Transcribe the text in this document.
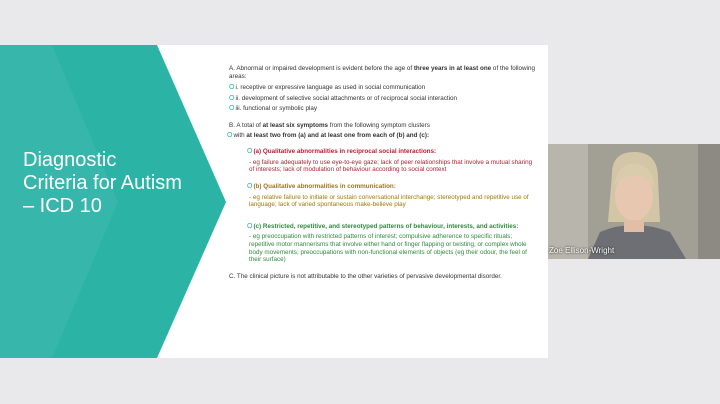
Diagnostic Criteria for Autism – ICD 10
A. Abnormal or impaired development is evident before the age of three years in at least one of the following areas:
O i. receptive or expressive language as used in social communication
O ii. development of selective social attachments or of reciprocal social interaction
O iii. functional or symbolic play
B. A total of at least six symptoms from the following symptom clusters
O with at least two from (a) and at least one from each of (b) and (c):
O (a) Qualitative abnormalities in reciprocal social interactions:
- eg failure adequately to use eye-to-eye gaze; lack of peer relationships that involve a mutual sharing of interests; lack of modulation of behaviour according to social context
O (b) Qualitative abnormalities in communication:
- eg relative failure to initiate or sustain conversational interchange; stereotyped and repetitive use of language; lack of varied spontaneous make-believe play
O (c) Restricted, repetitive, and stereotyped patterns of behaviour, interests, and activities:
- eg preoccupation with restricted patterns of interest; compulsive adherence to specific rituals; repetitive motor mannerisms that involve either hand or finger flapping or twisting, or complex whole body movements; preoccupations with non-functional elements of objects (eg their odour, the feel of their surface)
C. The clinical picture is not attributable to the other varieties of pervasive developmental disorder.
Zoe Ellison-Wright
